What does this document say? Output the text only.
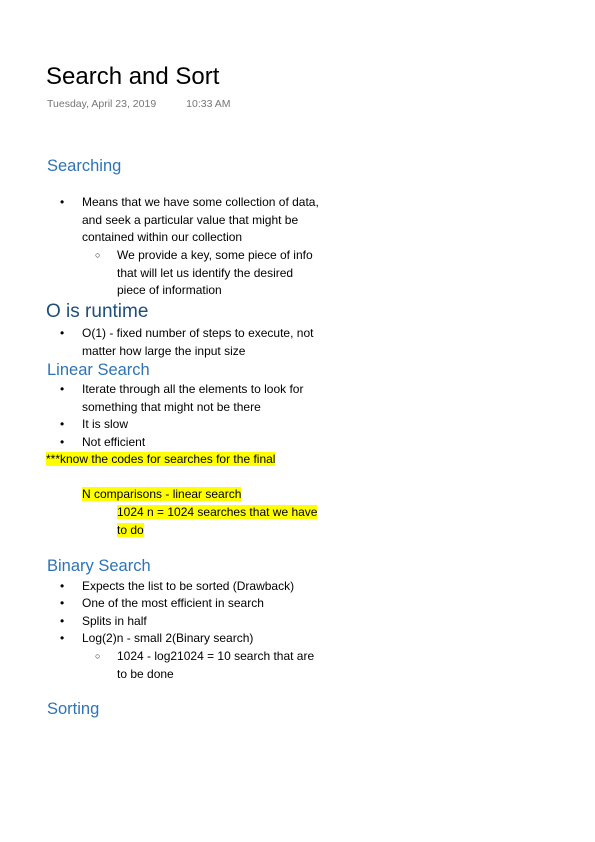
Search and Sort
Tuesday, April 23, 2019	10:33 AM
Searching
• Means that we have some collection of data,
and seek a particular value that might be
contained within our collection
○ We provide a key, some piece of info
that will let us identify the desired
piece of information
O is runtime
• O(1) - fixed number of steps to execute, not
matter how large the input size
Linear Search
• Iterate through all the elements to look for
something that might not be there
• It is slow
• Not efficient
***know the codes for searches for the final
N comparisons - linear search
1024 n = 1024 searches that we have
to do
Binary Search
• Expects the list to be sorted (Drawback)
• One of the most efficient in search
• Splits in half
• Log(2)n - small 2(Binary search)
○ 1024 - log21024 = 10 search that are
to be done
Sorting
